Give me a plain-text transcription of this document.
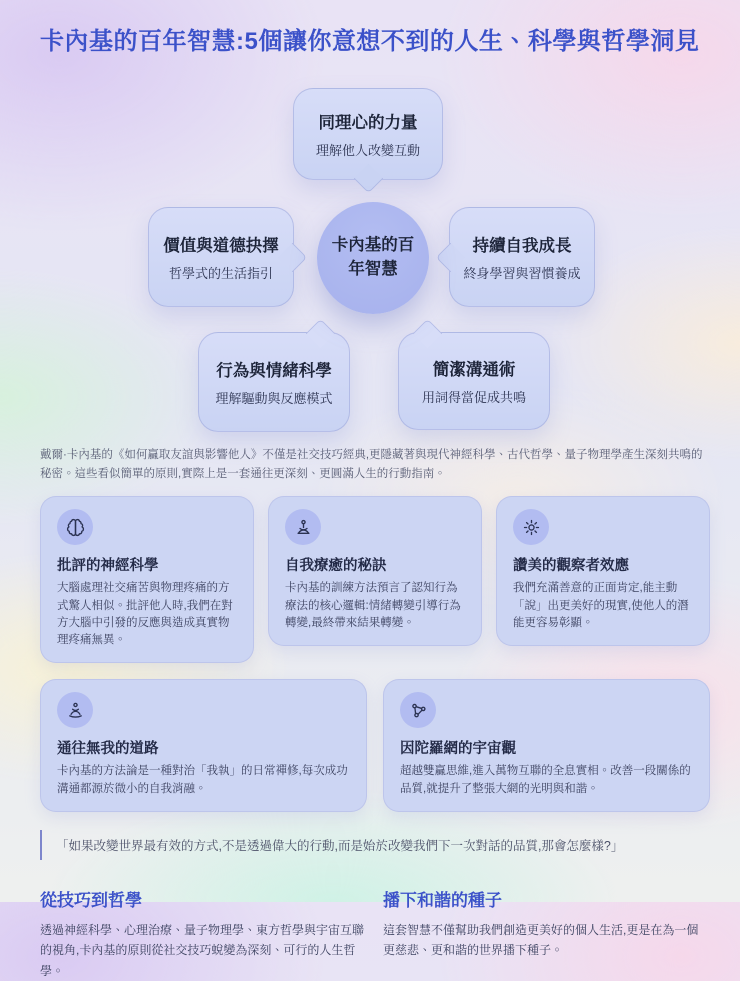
卡內基的百年智慧:5個讓你意想不到的人生、科學與哲學洞見
同理心的力量
理解他人改變互動
價值與道德抉擇
哲學式的生活指引
卡內基的百年智慧
持續自我成長
終身學習與習慣養成
行為與情緒科學
理解驅動與反應模式
簡潔溝通術
用詞得當促成共鳴

戴爾·卡內基的《如何贏取友誼與影響他人》不僅是社交技巧經典,更隱藏著與現代神經科學、古代哲學、量子物理學產生深刻共鳴的秘密。這些看似簡單的原則,實際上是一套通往更深刻、更圓滿人生的行動指南。

批評的神經科學

大腦處理社交痛苦與物理疼痛的方式驚人相似。批評他人時,我們在對方大腦中引發的反應與造成真實物理疼痛無異。

自我療癒的秘訣

卡內基的訓練方法預言了認知行為療法的核心邏輯:情緒轉變引導行為轉變,最終帶來結果轉變。

讚美的觀察者效應

我們充滿善意的正面肯定,能主動「說」出更美好的現實,使他人的潛能更容易彰顯。

通往無我的道路

卡內基的方法論是一種對治「我執」的日常禪修,每次成功溝通都源於微小的自我消融。

因陀羅網的宇宙觀

超越雙贏思維,進入萬物互聯的全息實相。改善一段關係的品質,就提升了整張大網的光明與和諧。

「如果改變世界最有效的方式,不是透過偉大的行動,而是始於改變我們下一次對話的品質,那會怎麼樣?」
從技巧到哲學

透過神經科學、心理治療、量子物理學、東方哲學與宇宙互聯的視角,卡內基的原則從社交技巧蛻變為深刻、可行的人生哲學。

播下和諧的種子

這套智慧不僅幫助我們創造更美好的個人生活,更是在為一個更慈悲、更和諧的世界播下種子。
